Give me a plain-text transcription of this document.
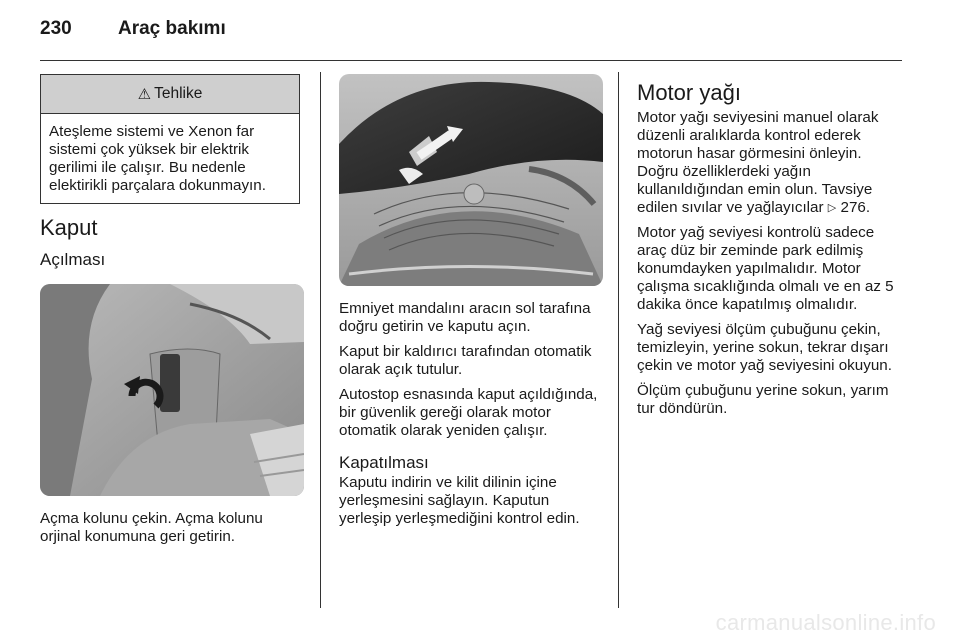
230 Araç bakımı
⚠ Tehlike
Ateşleme sistemi ve Xenon far sistemi çok yüksek bir elektrik gerilimi ile çalışır. Bu nedenle elektirikli parçalara dokunmayın.
Kaput
Açılması

Açma kolunu çekin. Açma kolunu orjinal konumuna geri getirin.

Emniyet mandalını aracın sol tarafına doğru getirin ve kaputu açın.

Kaput bir kaldırıcı tarafından otomatik olarak açık tutulur.

Autostop esnasında kaput açıldığında, bir güvenlik gereği olarak motor otomatik olarak yeniden çalışır.

Kapatılması

Kaputu indirin ve kilit dilinin içine yerleşmesini sağlayın. Kaputun yerleşip yerleşmediğini kontrol edin.

Motor yağı

Motor yağı seviyesini manuel olarak düzenli aralıklarda kontrol ederek motorun hasar görmesini önleyin. Doğru özelliklerdeki yağın kullanıldığından emin olun. Tavsiye edilen sıvılar ve yağlayıcılar ▷ 276.

Motor yağ seviyesi kontrolü sadece araç düz bir zeminde park edilmiş konumdayken yapılmalıdır. Motor çalışma sıcaklığında olmalı ve en az 5 dakika önce kapatılmış olmalıdır.

Yağ seviyesi ölçüm çubuğunu çekin, temizleyin, yerine sokun, tekrar dışarı çekin ve motor yağ seviyesini okuyun.

Ölçüm çubuğunu yerine sokun, yarım tur döndürün.

carmanualsonline.info
